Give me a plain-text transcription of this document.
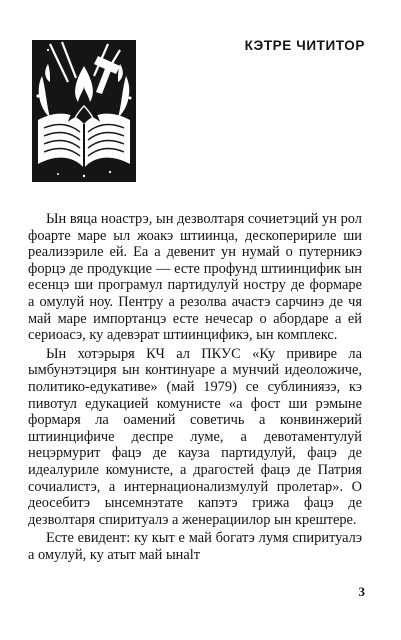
КЭТРЕ ЧИТИТОР

Ын вяца ноастрэ, ын дезволтаря сочиетэций ун рол фоарте маре ыл жоакэ штиинца, дескоперириле ши реализэриле ей. Еа а девенит ун нумай о путерникэ форцэ де продукцие — есте профунд штиинцифик ын есенцэ ши програмул партидулуй ностру де формаре а омулуй ноу. Пентру а резолва ачастэ сарчинэ де чя май маре импортанцэ есте нечесар о абордаре а ей сериоасэ, ку адевэрат штиинцификэ, ын комплекс.

Ын хотэрыря КЧ ал ПКУС «Ку привире ла ымбунэтэциря ын континуаре а мунчий идеоложиче, политико-едукативе» (май 1979) се сублиниязэ, кэ пивотул едукацией комунисте «а фост ши рэмыне формаря ла оамений советичь а конвинжерий штиинцифиче деспре луме, а девотаментулуй нецэрмурит фацэ де кауза партидулуй, фацэ де идеалуриле комунисте, а драгостей фацэ де Патрия сочиалистэ, а интернационализмулуй пролетар». О деосебитэ ынсемнэтате капэтэ грижа фацэ де дезволтаря спиритуалэ а женерациилор ын крештере.

Есте евидент: ку кыт е май богатэ лумя спиритуалэ а омулуй, ку атыт май ынalт

3
